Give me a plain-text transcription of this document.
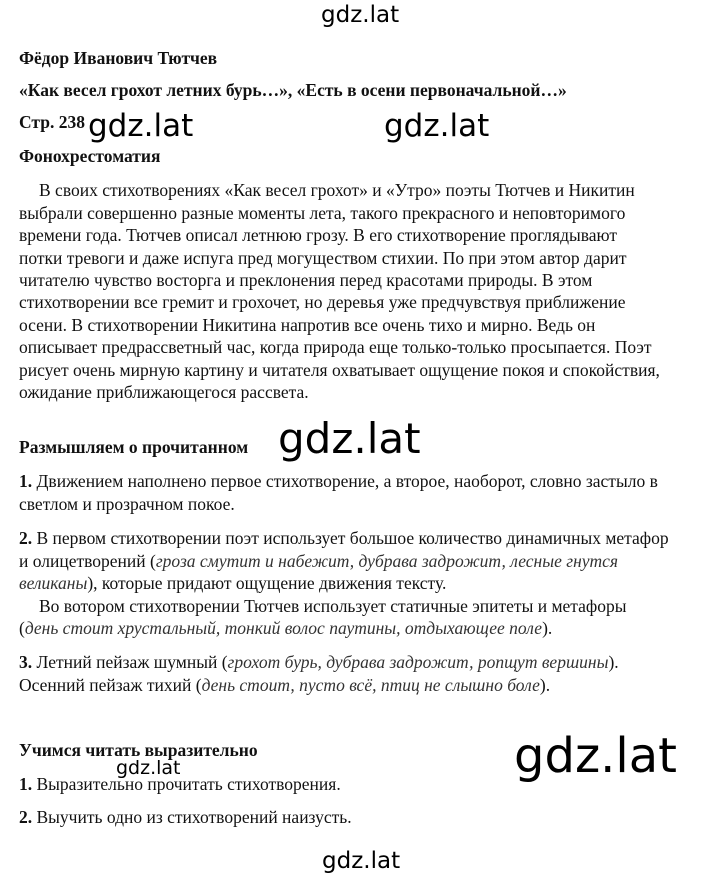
gdz.lat
gdz.lat	gdz.lat
gdz.lat
gdz.lat
gdz.lat
gdz.lat
Фёдор Иванович Тютчев
«Как весел грохот летних бурь…», «Есть в осени первоначальной…»
Стр. 238
Фонохрестоматия
В своих стихотворениях «Как весел грохот» и «Утро» поэты Тютчев и Никитин
выбрали совершенно разные моменты лета, такого прекрасного и неповторимого
времени года. Тютчев описал летнюю грозу. В его стихотворение проглядывают
потки тревоги и даже испуга пред могуществом стихии. По при этом автор дарит
читателю чувство восторга и преклонения перед красотами природы. В этом
стихотворении все гремит и грохочет, но деревья уже предчувствуя приближение
осени. В стихотворении Никитина напротив все очень тихо и мирно. Ведь он
описывает предрассветный час, когда природа еще только-только просыпается. Поэт
рисует очень мирную картину и читателя охватывает ощущение покоя и спокойствия,
ожидание приближающегося рассвета.
Размышляем о прочитанном
1. Движением наполнено первое стихотворение, а второе, наоборот, словно застыло в
светлом и прозрачном покое.
2. В первом стихотворении поэт использует большое количество динамичных метафор
и олицетворений (гроза смутит и набежит, дубрава задрожит, лесные гнутся
великаны), которые придают ощущение движения тексту.
Во вотором стихотворении Тютчев использует статичные эпитеты и метафоры
(день стоит хрустальный, тонкий волос паутины, отдыхающее поле).
3. Летний пейзаж шумный (грохот бурь, дубрава задрожит, ропщут вершины).
Осенний пейзаж тихий (день стоит, пусто всё, птиц не слышно боле).
Учимся читать выразительно
1. Выразительно прочитать стихотворения.
2. Выучить одно из стихотворений наизусть.
